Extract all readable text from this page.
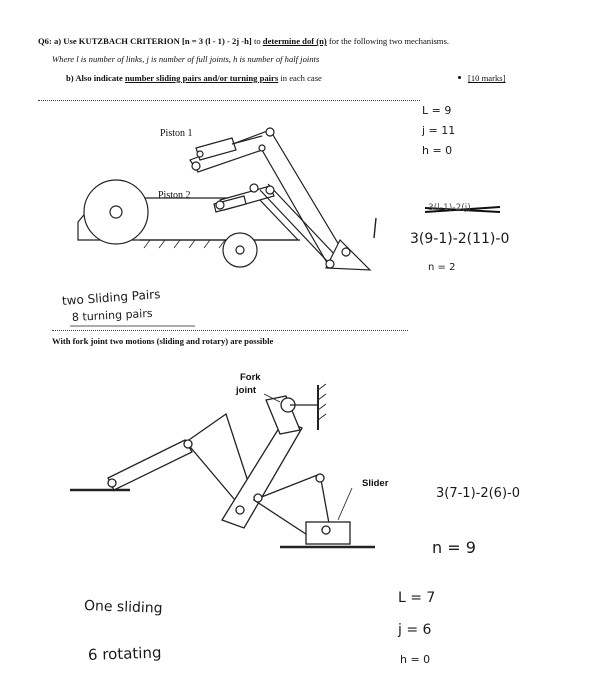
Q6: a) Use KUTZBACH CRITERION [n = 3 (l - 1) - 2j -h] to determine dof (n) for the following two mechanisms.
Where l is number of links, j is number of full joints, h is number of half joints
b) Also indicate number sliding pairs and/or turning pairs in each case	[10 marks]
Piston 1
Piston 2
L = 9
j = 11
h = 0
3(l-1)-2(j)
3(9-1)-2(11)-0
n = 2
two Sliding Pairs
8 turning pairs
With fork joint two motions (sliding and rotary) are possible
Fork
joint
Slider
3(7-1)-2(6)-0
n = 9
One sliding
6 rotating
L = 7
j = 6
h = 0
